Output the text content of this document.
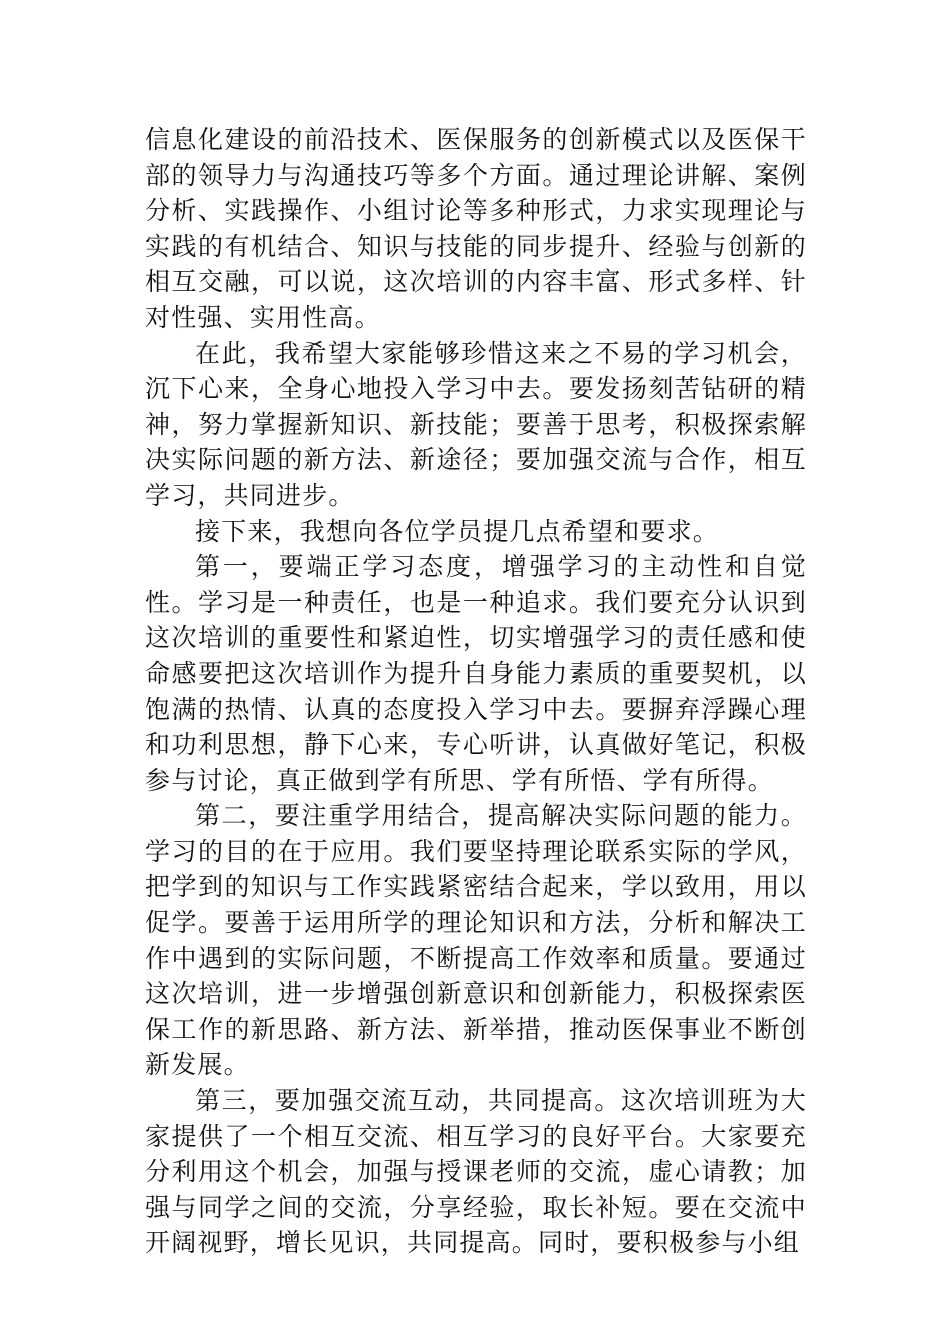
信息化建设的前沿技术、医保服务的创新模式以及医保干部的领导力与沟通技巧等多个方面。通过理论讲解、案例分析、实践操作、小组讨论等多种形式，力求实现理论与实践的有机结合、知识与技能的同步提升、经验与创新的相互交融，可以说，这次培训的内容丰富、形式多样、针对性强、实用性高。

在此，我希望大家能够珍惜这来之不易的学习机会，沉下心来，全身心地投入学习中去。要发扬刻苦钻研的精神，努力掌握新知识、新技能；要善于思考，积极探索解决实际问题的新方法、新途径；要加强交流与合作，相互学习，共同进步。

接下来，我想向各位学员提几点希望和要求。

第一，要端正学习态度，增强学习的主动性和自觉性。学习是一种责任，也是一种追求。我们要充分认识到这次培训的重要性和紧迫性，切实增强学习的责任感和使命感要把这次培训作为提升自身能力素质的重要契机，以饱满的热情、认真的态度投入学习中去。要摒弃浮躁心理和功利思想，静下心来，专心听讲，认真做好笔记，积极参与讨论，真正做到学有所思、学有所悟、学有所得。

第二，要注重学用结合，提高解决实际问题的能力。学习的目的在于应用。我们要坚持理论联系实际的学风，把学到的知识与工作实践紧密结合起来，学以致用，用以促学。要善于运用所学的理论知识和方法，分析和解决工作中遇到的实际问题，不断提高工作效率和质量。要通过这次培训，进一步增强创新意识和创新能力，积极探索医保工作的新思路、新方法、新举措，推动医保事业不断创新发展。

第三，要加强交流互动，共同提高。这次培训班为大家提供了一个相互交流、相互学习的良好平台。大家要充分利用这个机会，加强与授课老师的交流，虚心请教；加强与同学之间的交流，分享经验，取长补短。要在交流中开阔视野，增长见识，共同提高。同时，要积极参与小组
